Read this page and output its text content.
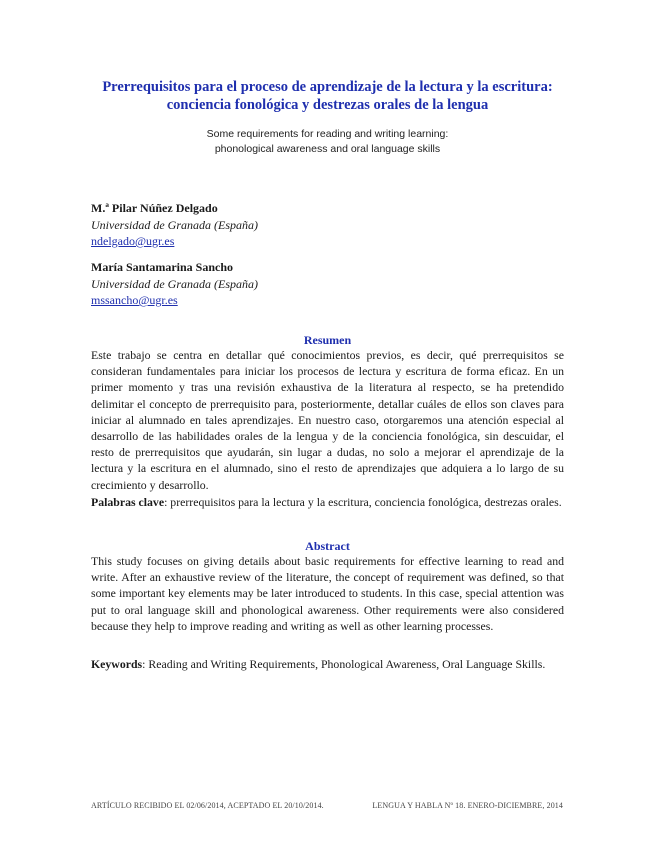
Prerrequisitos para el proceso de aprendizaje de la lectura y la escritura:
conciencia fonológica y destrezas orales de la lengua
Some requirements for reading and writing learning:
phonological awareness and oral language skills
M.ª Pilar Núñez Delgado
Universidad de Granada (España)
ndelgado@ugr.es
María Santamarina Sancho
Universidad de Granada (España)
mssancho@ugr.es
Resumen
Este trabajo se centra en detallar qué conocimientos previos, es decir, qué prerrequisitos se consideran fundamentales para iniciar los procesos de lectura y escritura de forma eficaz. En un primer momento y tras una revisión exhaustiva de la literatura al respecto, se ha pretendido delimitar el concepto de prerrequisito para, posteriormente, detallar cuáles de ellos son claves para iniciar al alumnado en tales aprendizajes. En nuestro caso, otorgaremos una atención especial al desarrollo de las habilidades orales de la lengua y de la conciencia fonológica, sin descuidar, el resto de prerrequisitos que ayudarán, sin lugar a dudas, no solo a mejorar el aprendizaje de la lectura y la escritura en el alumnado, sino el resto de aprendizajes que adquiera a lo largo de su crecimiento y desarrollo.
Palabras clave: prerrequisitos para la lectura y la escritura, conciencia fonológica, destrezas orales.
Abstract
This study focuses on giving details about basic requirements for effective learning to read and write. After an exhaustive review of the literature, the concept of requirement was defined, so that some important key elements may be later introduced to students. In this case, special attention was put to oral language skill and phonological awareness. Other requirements were also considered because they help to improve reading and writing as well as other learning processes.
Keywords: Reading and Writing Requirements, Phonological Awareness, Oral Language Skills.
ARTÍCULO RECIBIDO EL 02/06/2014, ACEPTADO EL 20/10/2014.	LENGUA Y HABLA Nº 18. ENERO-DICIEMBRE, 2014
